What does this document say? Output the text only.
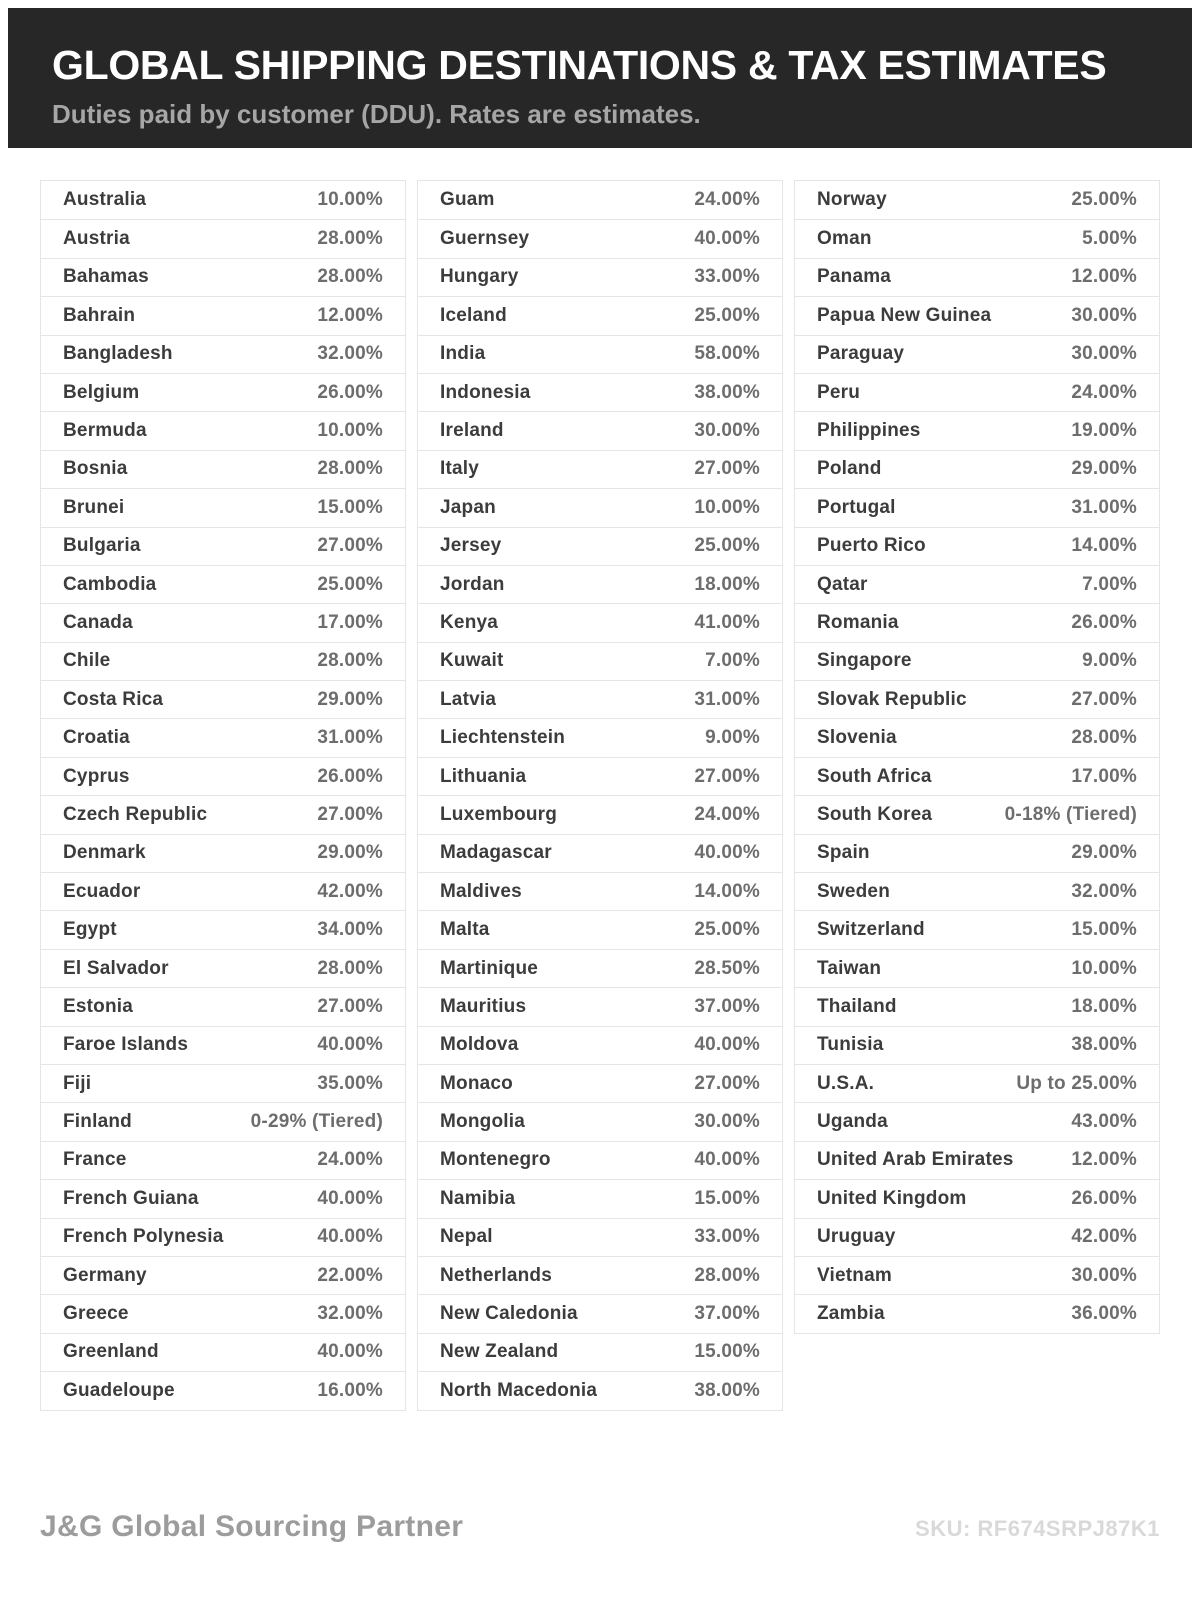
GLOBAL SHIPPING DESTINATIONS & TAX ESTIMATES
Duties paid by customer (DDU). Rates are estimates.
Australia	10.00%
Austria	28.00%
Bahamas	28.00%
Bahrain	12.00%
Bangladesh	32.00%
Belgium	26.00%
Bermuda	10.00%
Bosnia	28.00%
Brunei	15.00%
Bulgaria	27.00%
Cambodia	25.00%
Canada	17.00%
Chile	28.00%
Costa Rica	29.00%
Croatia	31.00%
Cyprus	26.00%
Czech Republic	27.00%
Denmark	29.00%
Ecuador	42.00%
Egypt	34.00%
El Salvador	28.00%
Estonia	27.00%
Faroe Islands	40.00%
Fiji	35.00%
Finland	0-29% (Tiered)
France	24.00%
French Guiana	40.00%
French Polynesia	40.00%
Germany	22.00%
Greece	32.00%
Greenland	40.00%
Guadeloupe	16.00%
Guam	24.00%
Guernsey	40.00%
Hungary	33.00%
Iceland	25.00%
India	58.00%
Indonesia	38.00%
Ireland	30.00%
Italy	27.00%
Japan	10.00%
Jersey	25.00%
Jordan	18.00%
Kenya	41.00%
Kuwait	7.00%
Latvia	31.00%
Liechtenstein	9.00%
Lithuania	27.00%
Luxembourg	24.00%
Madagascar	40.00%
Maldives	14.00%
Malta	25.00%
Martinique	28.50%
Mauritius	37.00%
Moldova	40.00%
Monaco	27.00%
Mongolia	30.00%
Montenegro	40.00%
Namibia	15.00%
Nepal	33.00%
Netherlands	28.00%
New Caledonia	37.00%
New Zealand	15.00%
North Macedonia	38.00%
Norway	25.00%
Oman	5.00%
Panama	12.00%
Papua New Guinea	30.00%
Paraguay	30.00%
Peru	24.00%
Philippines	19.00%
Poland	29.00%
Portugal	31.00%
Puerto Rico	14.00%
Qatar	7.00%
Romania	26.00%
Singapore	9.00%
Slovak Republic	27.00%
Slovenia	28.00%
South Africa	17.00%
South Korea	0-18% (Tiered)
Spain	29.00%
Sweden	32.00%
Switzerland	15.00%
Taiwan	10.00%
Thailand	18.00%
Tunisia	38.00%
U.S.A.	Up to 25.00%
Uganda	43.00%
United Arab Emirates	12.00%
United Kingdom	26.00%
Uruguay	42.00%
Vietnam	30.00%
Zambia	36.00%
J&G Global Sourcing Partner	SKU: RF674SRPJ87K1
